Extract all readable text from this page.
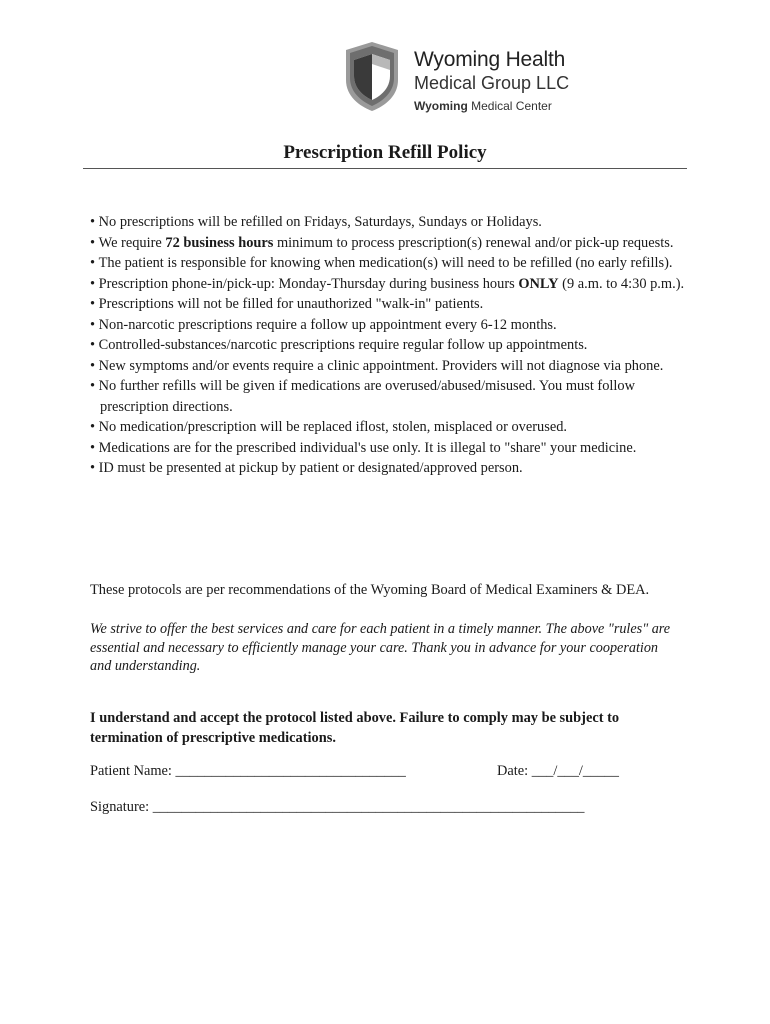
Wyoming Health
Medical Group LLC
Wyoming Medical Center
Prescription Refill Policy
• No prescriptions will be refilled on Fridays, Saturdays, Sundays or Holidays.
• We require 72 business hours minimum to process prescription(s) renewal and/or pick-up requests.
• The patient is responsible for knowing when medication(s) will need to be refilled (no early refills).
• Prescription phone-in/pick-up: Monday-Thursday during business hours ONLY (9 a.m. to 4:30 p.m.).
• Prescriptions will not be filled for unauthorized "walk-in" patients.
• Non-narcotic prescriptions require a follow up appointment every 6-12 months.
• Controlled-substances/narcotic prescriptions require regular follow up appointments.
• New symptoms and/or events require a clinic appointment. Providers will not diagnose via phone.
• No further refills will be given if medications are overused/abused/misused. You must follow prescription directions.
• No medication/prescription will be replaced iflost, stolen, misplaced or overused.
• Medications are for the prescribed individual's use only. It is illegal to "share" your medicine.
• ID must be presented at pickup by patient or designated/approved person.

These protocols are per recommendations of the Wyoming Board of Medical Examiners & DEA.

We strive to offer the best services and care for each patient in a timely manner. The above "rules" are essential and necessary to efficiently manage your care. Thank you in advance for your cooperation and understanding.

I understand and accept the protocol listed above. Failure to comply may be subject to termination of prescriptive medications.

Patient Name: ________________________________	Date: ___/___/_____
Signature: ____________________________________________________________
